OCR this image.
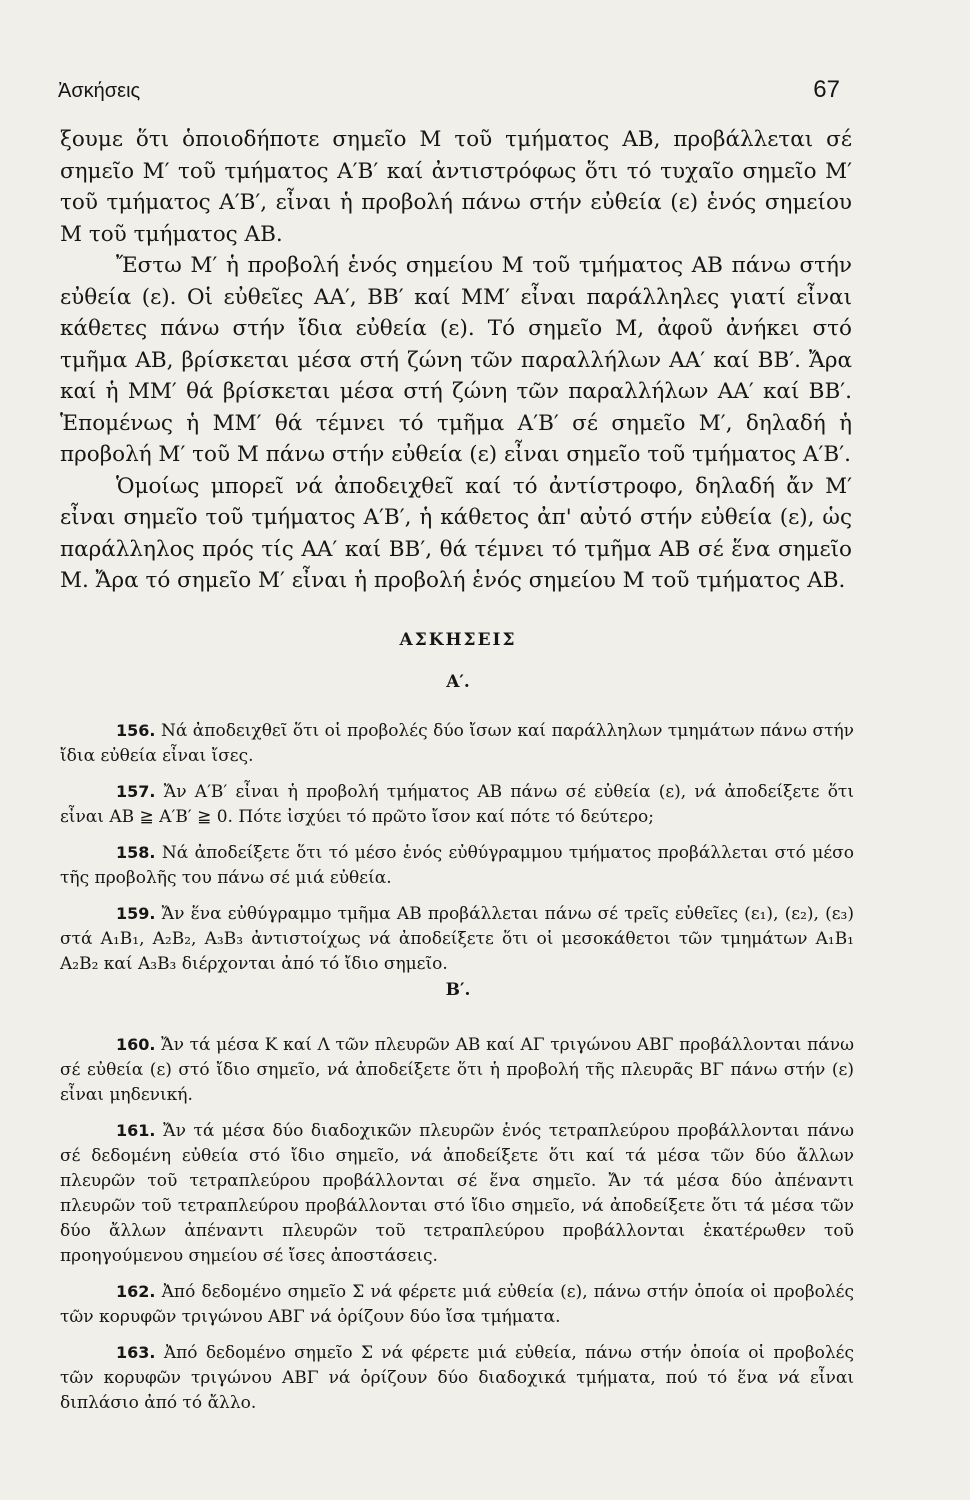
Ἀσκήσεις	67

ξουμε ὅτι ὁποιοδήποτε σημεῖο Μ τοῦ τμήματος ΑΒ, προβάλλεται σέ σημεῖο Μ′ τοῦ τμήματος Α′Β′ καί ἀντιστρόφως ὅτι τό τυχαῖο σημεῖο Μ′ τοῦ τμήματος Α′Β′, εἶναι ἡ προβολή πάνω στήν εὐθεία (ε) ἑνός σημείου Μ τοῦ τμήματος ΑΒ.

Ἔστω Μ′ ἡ προβολή ἑνός σημείου Μ τοῦ τμήματος ΑΒ πάνω στήν εὐθεία (ε). Οἱ εὐθεῖες ΑΑ′, ΒΒ′ καί ΜΜ′ εἶναι παράλληλες γιατί εἶναι κάθετες πάνω στήν ἴδια εὐθεία (ε). Τό σημεῖο Μ, ἀφοῦ ἀνήκει στό τμῆμα ΑΒ, βρίσκεται μέσα στή ζώνη τῶν παραλλήλων ΑΑ′ καί ΒΒ′. Ἄρα καί ἡ ΜΜ′ θά βρίσκεται μέσα στή ζώνη τῶν παραλλήλων ΑΑ′ καί ΒΒ′. Ἑπομένως ἡ ΜΜ′ θά τέμνει τό τμῆμα Α′Β′ σέ σημεῖο Μ′, δηλαδή ἡ προβολή Μ′ τοῦ Μ πάνω στήν εὐθεία (ε) εἶναι σημεῖο τοῦ τμήματος Α′Β′.

Ὁμοίως μπορεῖ νά ἀποδειχθεῖ καί τό ἀντίστροφο, δηλαδή ἄν Μ′ εἶναι σημεῖο τοῦ τμήματος Α′Β′, ἡ κάθετος ἀπ' αὐτό στήν εὐθεία (ε), ὡς παράλληλος πρός τίς ΑΑ′ καί ΒΒ′, θά τέμνει τό τμῆμα ΑΒ σέ ἕνα σημεῖο Μ. Ἄρα τό σημεῖο Μ′ εἶναι ἡ προβολή ἑνός σημείου Μ τοῦ τμήματος ΑΒ.

ΑΣΚΗΣΕΙΣ
Α′.

156. Νά ἀποδειχθεῖ ὅτι οἱ προβολές δύο ἴσων καί παράλληλων τμημάτων πάνω στήν ἴδια εὐθεία εἶναι ἴσες.

157. Ἄν Α′Β′ εἶναι ἡ προβολή τμήματος ΑΒ πάνω σέ εὐθεία (ε), νά ἀποδείξετε ὅτι εἶναι ΑΒ ≧ Α′Β′ ≧ 0. Πότε ἰσχύει τό πρῶτο ἴσον καί πότε τό δεύτερο;

158. Νά ἀποδείξετε ὅτι τό μέσο ἑνός εὐθύγραμμου τμήματος προβάλλεται στό μέσο τῆς προβολῆς του πάνω σέ μιά εὐθεία.

159. Ἄν ἕνα εὐθύγραμμο τμῆμα ΑΒ προβάλλεται πάνω σέ τρεῖς εὐθεῖες (ε₁), (ε₂), (ε₃) στά Α₁Β₁, Α₂Β₂, Α₃Β₃ ἀντιστοίχως νά ἀποδείξετε ὅτι οἱ μεσοκάθετοι τῶν τμημάτων Α₁Β₁ Α₂Β₂ καί Α₃Β₃ διέρχονται ἀπό τό ἴδιο σημεῖο.

Β′.

160. Ἄν τά μέσα Κ καί Λ τῶν πλευρῶν ΑΒ καί ΑΓ τριγώνου ΑΒΓ προβάλλονται πάνω σέ εὐθεία (ε) στό ἴδιο σημεῖο, νά ἀποδείξετε ὅτι ἡ προβολή τῆς πλευρᾶς ΒΓ πάνω στήν (ε) εἶναι μηδενική.

161. Ἄν τά μέσα δύο διαδοχικῶν πλευρῶν ἑνός τετραπλεύρου προβάλλονται πάνω σέ δεδομένη εὐθεία στό ἴδιο σημεῖο, νά ἀποδείξετε ὅτι καί τά μέσα τῶν δύο ἄλλων πλευρῶν τοῦ τετραπλεύρου προβάλλονται σέ ἕνα σημεῖο. Ἄν τά μέσα δύο ἀπέναντι πλευρῶν τοῦ τετραπλεύρου προβάλλονται στό ἴδιο σημεῖο, νά ἀποδείξετε ὅτι τά μέσα τῶν δύο ἄλλων ἀπέναντι πλευρῶν τοῦ τετραπλεύρου προβάλλονται ἑκατέρωθεν τοῦ προηγούμενου σημείου σέ ἴσες ἀποστάσεις.

162. Ἀπό δεδομένο σημεῖο Σ νά φέρετε μιά εὐθεία (ε), πάνω στήν ὁποία οἱ προβολές τῶν κορυφῶν τριγώνου ΑΒΓ νά ὁρίζουν δύο ἴσα τμήματα.

163. Ἀπό δεδομένο σημεῖο Σ νά φέρετε μιά εὐθεία, πάνω στήν ὁποία οἱ προβολές τῶν κορυφῶν τριγώνου ΑΒΓ νά ὁρίζουν δύο διαδοχικά τμήματα, πού τό ἕνα νά εἶναι διπλάσιο ἀπό τό ἄλλο.
